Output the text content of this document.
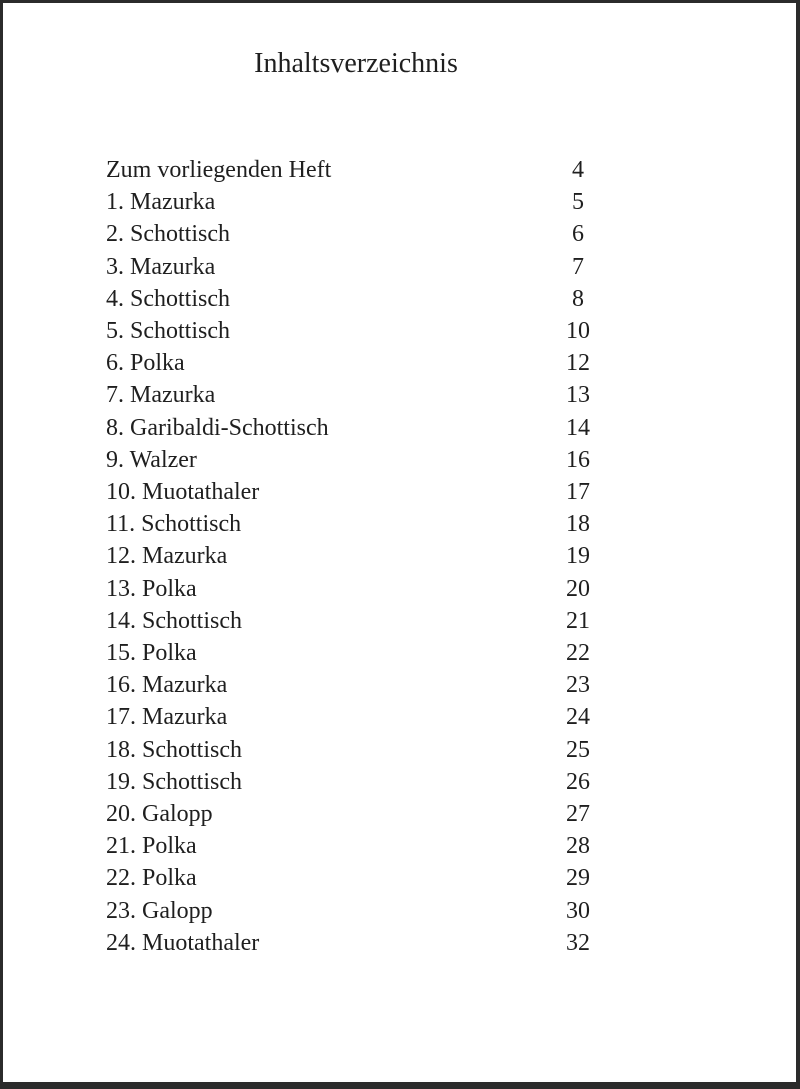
Inhaltsverzeichnis
Zum vorliegenden Heft	4
1. Mazurka	5
2. Schottisch	6
3. Mazurka	7
4. Schottisch	8
5. Schottisch	10
6. Polka	12
7. Mazurka	13
8. Garibaldi-Schottisch	14
9. Walzer	16
10. Muotathaler	17
11. Schottisch	18
12. Mazurka	19
13. Polka	20
14. Schottisch	21
15. Polka	22
16. Mazurka	23
17. Mazurka	24
18. Schottisch	25
19. Schottisch	26
20. Galopp	27
21. Polka	28
22. Polka	29
23. Galopp	30
24. Muotathaler	32
